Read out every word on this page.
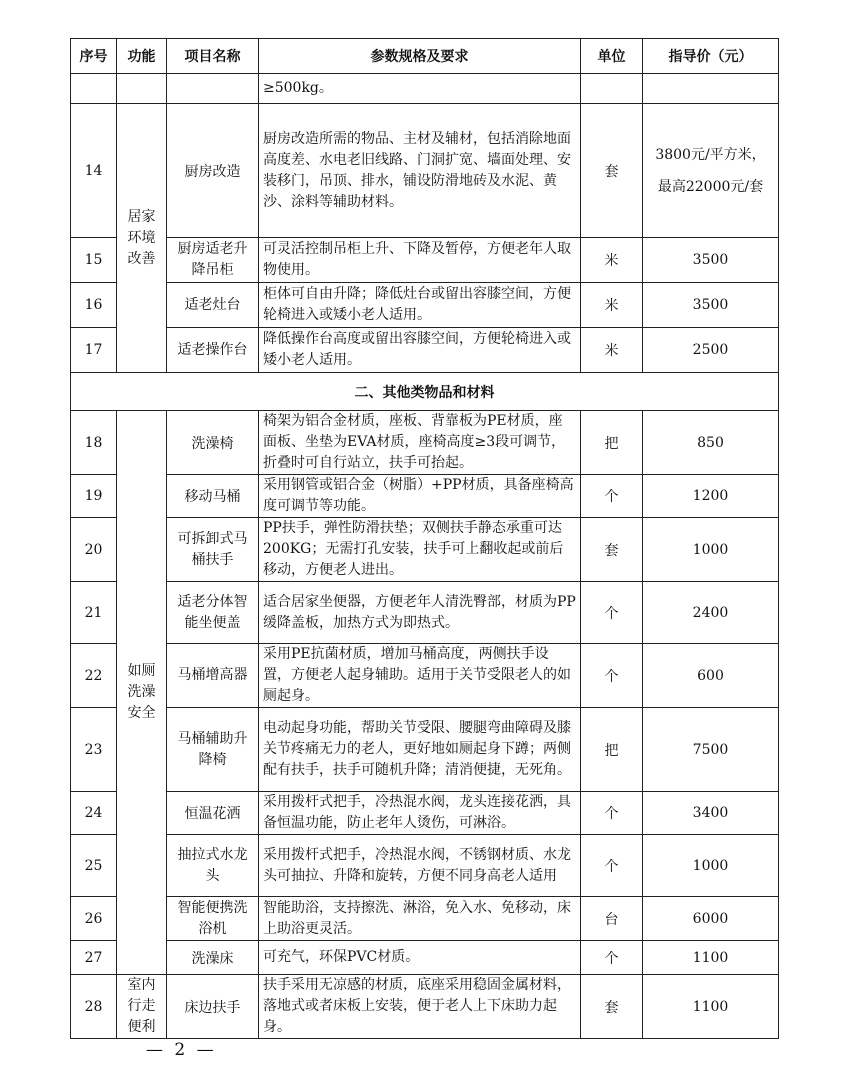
序号	功能	项目名称	参数规格及要求	单位	指导价（元）
			≥500kg。		
14	居家环境改善	厨房改造	厨房改造所需的物品、主材及辅材，包括消除地面高度差、水电老旧线路、门洞扩宽、墙面处理、安装移门，吊顶、排水，铺设防滑地砖及水泥、黄沙、涂料等辅助材料。	套	3800元/平方米，
最高22000元/套

15		厨房适老升降吊柜	可灵活控制吊柜上升、下降及暂停，方便老年人取物使用。	米	3500
16		适老灶台	柜体可自由升降；降低灶台或留出容膝空间，方便轮椅进入或矮小老人适用。	米	3500
17		适老操作台	降低操作台高度或留出容膝空间，方便轮椅进入或矮小老人适用。	米	2500
二、其他类物品和材料					
18	如厕洗澡安全	洗澡椅	椅架为铝合金材质，座板、背靠板为PE材质，座面板、坐垫为EVA材质，座椅高度≥3段可调节，折叠时可自行站立，扶手可抬起。	把	850
19		移动马桶	采用钢管或铝合金（树脂）+PP材质，具备座椅高度可调节等功能。	个	1200
20		可拆卸式马桶扶手	PP扶手，弹性防滑扶垫；双侧扶手静态承重可达200KG；无需打孔安装，扶手可上翻收起或前后移动，方便老人进出。	套	1000
21		适老分体智能坐便盖	适合居家坐便器，方便老年人清洗臀部，材质为PP缓降盖板，加热方式为即热式。	个	2400
22		马桶增高器	采用PE抗菌材质，增加马桶高度，两侧扶手设置，方便老人起身辅助。适用于关节受限老人的如厕起身。	个	600
23		马桶辅助升降椅	电动起身功能，帮助关节受限、腰腿弯曲障碍及膝关节疼痛无力的老人，更好地如厕起身下蹲；两侧配有扶手，扶手可随机升降；清消便捷，无死角。	把	7500
24		恒温花洒	采用拨杆式把手，冷热混水阀，龙头连接花洒，具备恒温功能，防止老年人烫伤，可淋浴。	个	3400
25		抽拉式水龙头	采用拨杆式把手，冷热混水阀，不锈钢材质、水龙头可抽拉、升降和旋转，方便不同身高老人适用	个	1000
26		智能便携洗浴机	智能助浴，支持擦洗、淋浴，免入水、免移动，床上助浴更灵活。	台	6000
27		洗澡床	可充气，环保PVC材质。	个	1100
28	室内行走便利	床边扶手	扶手采用无凉感的材质，底座采用稳固金属材料，落地式或者床板上安装，便于老人上下床助力起身。	套	1100
— 2 —
